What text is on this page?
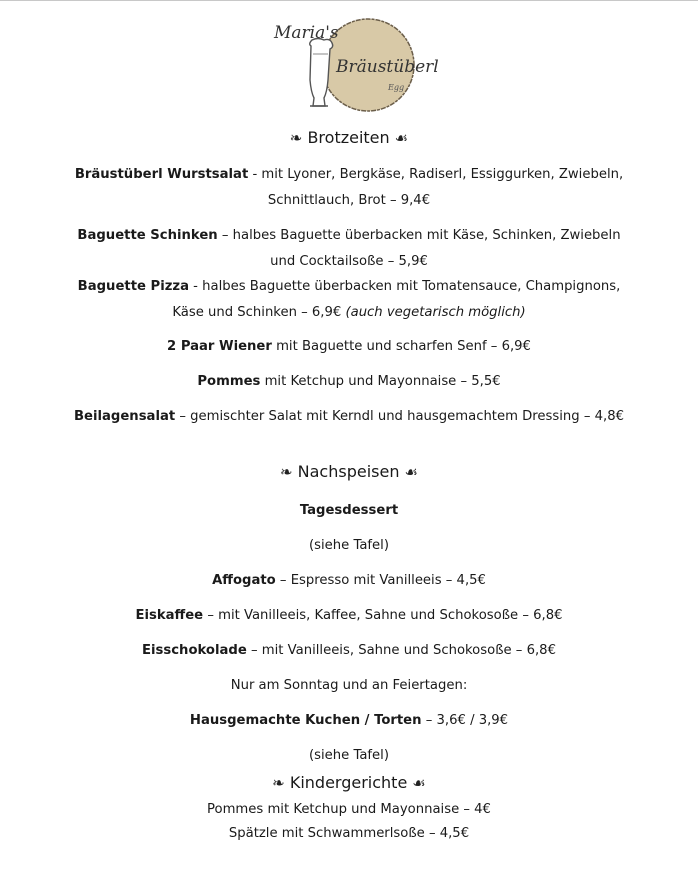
Maria's
Bräustüberl
Egg
❧ Brotzeiten ☙
Bräustüberl Wurstsalat - mit Lyoner, Bergkäse, Radiserl, Essiggurken, Zwiebeln,
Schnittlauch, Brot – 9,4€
Baguette Schinken – halbes Baguette überbacken mit Käse, Schinken, Zwiebeln
und Cocktailsoße – 5,9€
Baguette Pizza - halbes Baguette überbacken mit Tomatensauce, Champignons,
Käse und Schinken – 6,9€ (auch vegetarisch möglich)
2 Paar Wiener mit Baguette und scharfen Senf – 6,9€
Pommes mit Ketchup und Mayonnaise – 5,5€
Beilagensalat – gemischter Salat mit Kerndl und hausgemachtem Dressing – 4,8€
❧ Nachspeisen ☙
Tagesdessert
(siehe Tafel)
Affogato – Espresso mit Vanilleeis – 4,5€
Eiskaffee – mit Vanilleeis, Kaffee, Sahne und Schokosoße – 6,8€
Eisschokolade – mit Vanilleeis, Sahne und Schokosoße – 6,8€
Nur am Sonntag und an Feiertagen:
Hausgemachte Kuchen / Torten – 3,6€ / 3,9€
(siehe Tafel)
❧ Kindergerichte ☙
Pommes mit Ketchup und Mayonnaise – 4€
Spätzle mit Schwammerlsoße – 4,5€
